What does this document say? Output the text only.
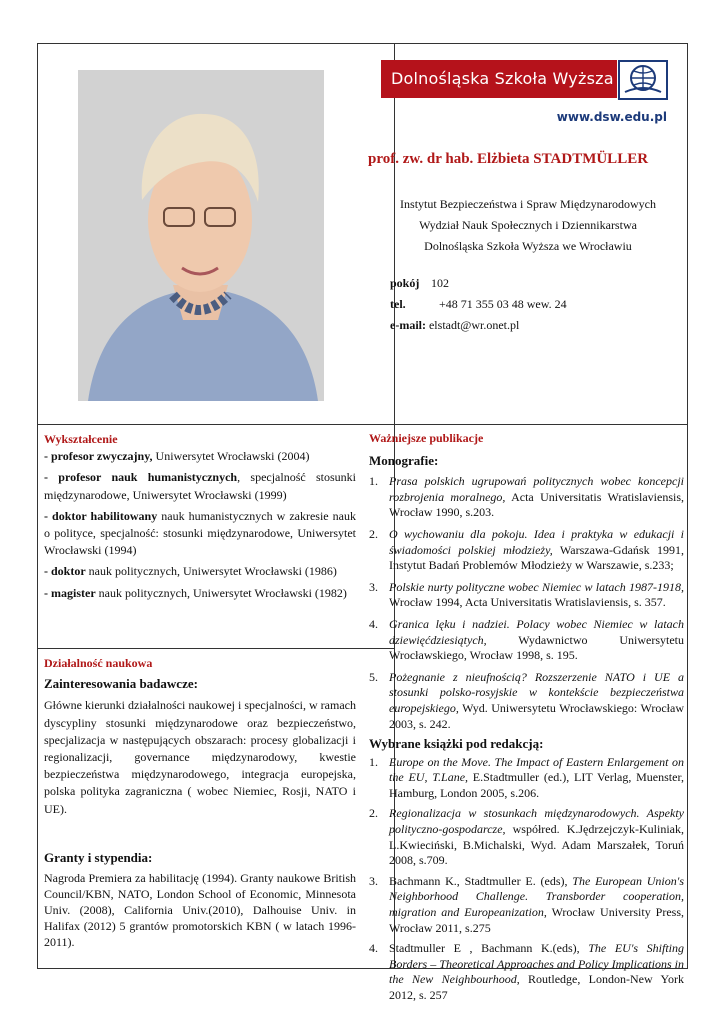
Dolnośląska Szkoła Wyższa
www.dsw.edu.pl
prof. zw. dr hab. Elżbieta STADTMÜLLER
Instytut Bezpieczeństwa i Spraw Międzynarodowych
Wydział Nauk Społecznych i Dziennikarstwa
Dolnośląska Szkoła Wyższa we Wrocławiu
pokój 102
tel.	+48 71 355 03 48 wew. 24
e-mail: elstadt@wr.onet.pl
Wykształcenie

- profesor zwyczajny, Uniwersytet Wrocławski (2004)

- profesor nauk humanistycznych, specjalność stosunki międzynarodowe, Uniwersytet Wrocławski (1999)

- doktor habilitowany nauk humanistycznych w zakresie nauk o polityce, specjalność: stosunki międzynarodowe, Uniwersytet Wrocławski (1994)

- doktor nauk politycznych, Uniwersytet Wrocławski (1986)

- magister nauk politycznych, Uniwersytet Wrocławski (1982)

Działalność naukowa
Zainteresowania badawcze:

Główne kierunki działalności naukowej i specjalności, w ramach dyscypliny stosunki międzynarodowe oraz bezpieczeństwo, specjalizacja w następujących obszarach: procesy globalizacji i regionalizacji, governance międzynarodowy, kwestie bezpieczeństwa międzynarodowego, integracja europejska, polska polityka zagraniczna ( wobec Niemiec, Rosji, NATO i UE).

Granty i stypendia:
Nagroda Premiera za habilitację (1994). Granty naukowe British Council/KBN, NATO, London School of Economic, Minnesota Univ. (2008), California Univ.(2010), Dalhouise Univ. in Halifax (2012) 5 grantów promotorskich KBN ( w latach 1996-2011).
Ważniejsze publikacje
Monografie:
1. Prasa polskich ugrupowań politycznych wobec koncepcji rozbrojenia moralnego, Acta Universitatis Wratislaviensis, Wrocław 1990, s.203.
2. O wychowaniu dla pokoju. Idea i praktyka w edukacji i świadomości polskiej młodzieży, Warszawa-Gdańsk 1991, Instytut Badań Problemów Młodzieży w Warszawie, s.233;
3. Polskie nurty polityczne wobec Niemiec w latach 1987-1918, Wrocław 1994, Acta Universitatis Wratislaviensis, s. 357.
4. Granica lęku i nadziei. Polacy wobec Niemiec w latach dziewięćdziesiątych, Wydawnictwo Uniwersytetu Wrocławskiego, Wrocław 1998, s. 195.
5. Pożegnanie z nieufnością? Rozszerzenie NATO i UE a stosunki polsko-rosyjskie w kontekście bezpieczeństwa europejskiego, Wyd. Uniwersytetu Wrocławskiego: Wrocław 2003, s. 242.
Wybrane książki pod redakcją:
1. Europe on the Move. The Impact of Eastern Enlargement on the EU, T.Lane, E.Stadtmuller (ed.), LIT Verlag, Muenster, Hamburg, London 2005, s.206.
2. Regionalizacja w stosunkach międzynarodowych. Aspekty polityczno-gospodarcze, współred. K.Jędrzejczyk-Kuliniak, L.Kwieciński, B.Michalski, Wyd. Adam Marszałek, Toruń 2008, s.709.
3. Bachmann K., Stadtmuller E. (eds), The European Union's Neighborhood Challenge. Transborder cooperation, migration and Europeanization, Wrocław University Press, Wrocław 2011, s.275
4. Stadtmuller E , Bachmann K.(eds), The EU's Shifting Borders – Theoretical Approaches and Policy Implications in the New Neighbourhood, Routledge, London-New York 2012, s. 257
